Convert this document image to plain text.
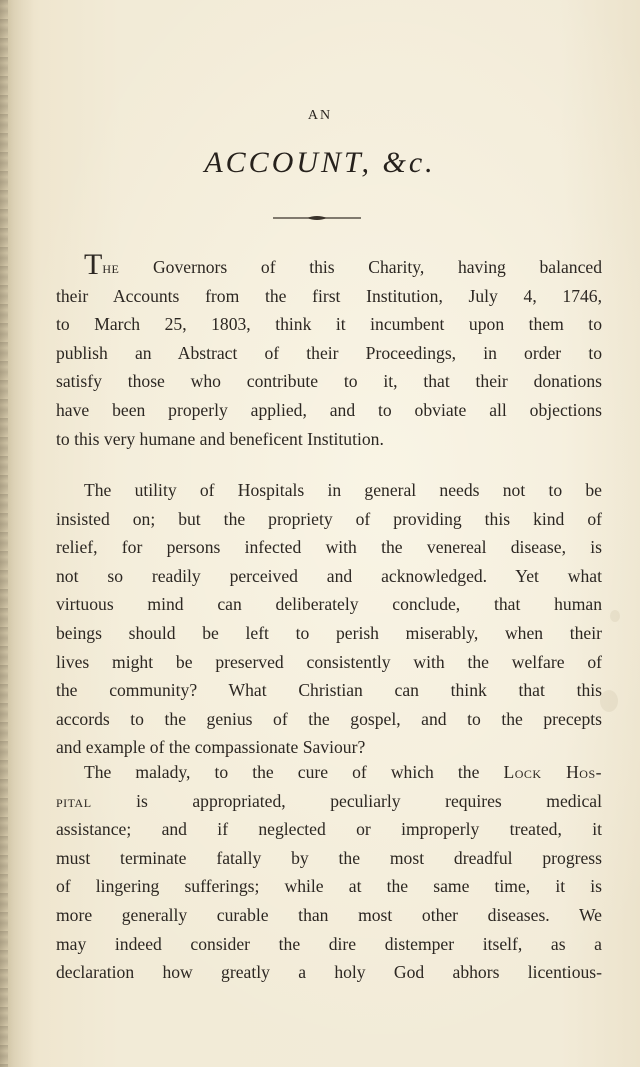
AN
ACCOUNT, &c.
The Governors of this Charity, having balanced
their Accounts from the first Institution, July 4, 1746,
to March 25, 1803, think it incumbent upon them to
publish an Abstract of their Proceedings, in order to
satisfy those who contribute to it, that their donations
have been properly applied, and to obviate all objections
to this very humane and beneficent Institution.
The utility of Hospitals in general needs not to be
insisted on; but the propriety of providing this kind of
relief, for persons infected with the venereal disease, is
not so readily perceived and acknowledged. Yet what
virtuous mind can deliberately conclude, that human
beings should be left to perish miserably, when their
lives might be preserved consistently with the welfare of
the community? What Christian can think that this
accords to the genius of the gospel, and to the precepts
and example of the compassionate Saviour?
The malady, to the cure of which the Lock Hos-
pital is appropriated, peculiarly requires medical
assistance; and if neglected or improperly treated, it
must terminate fatally by the most dreadful progress
of lingering sufferings; while at the same time, it is
more generally curable than most other diseases. We
may indeed consider the dire distemper itself, as a
declaration how greatly a holy God abhors licentious-
